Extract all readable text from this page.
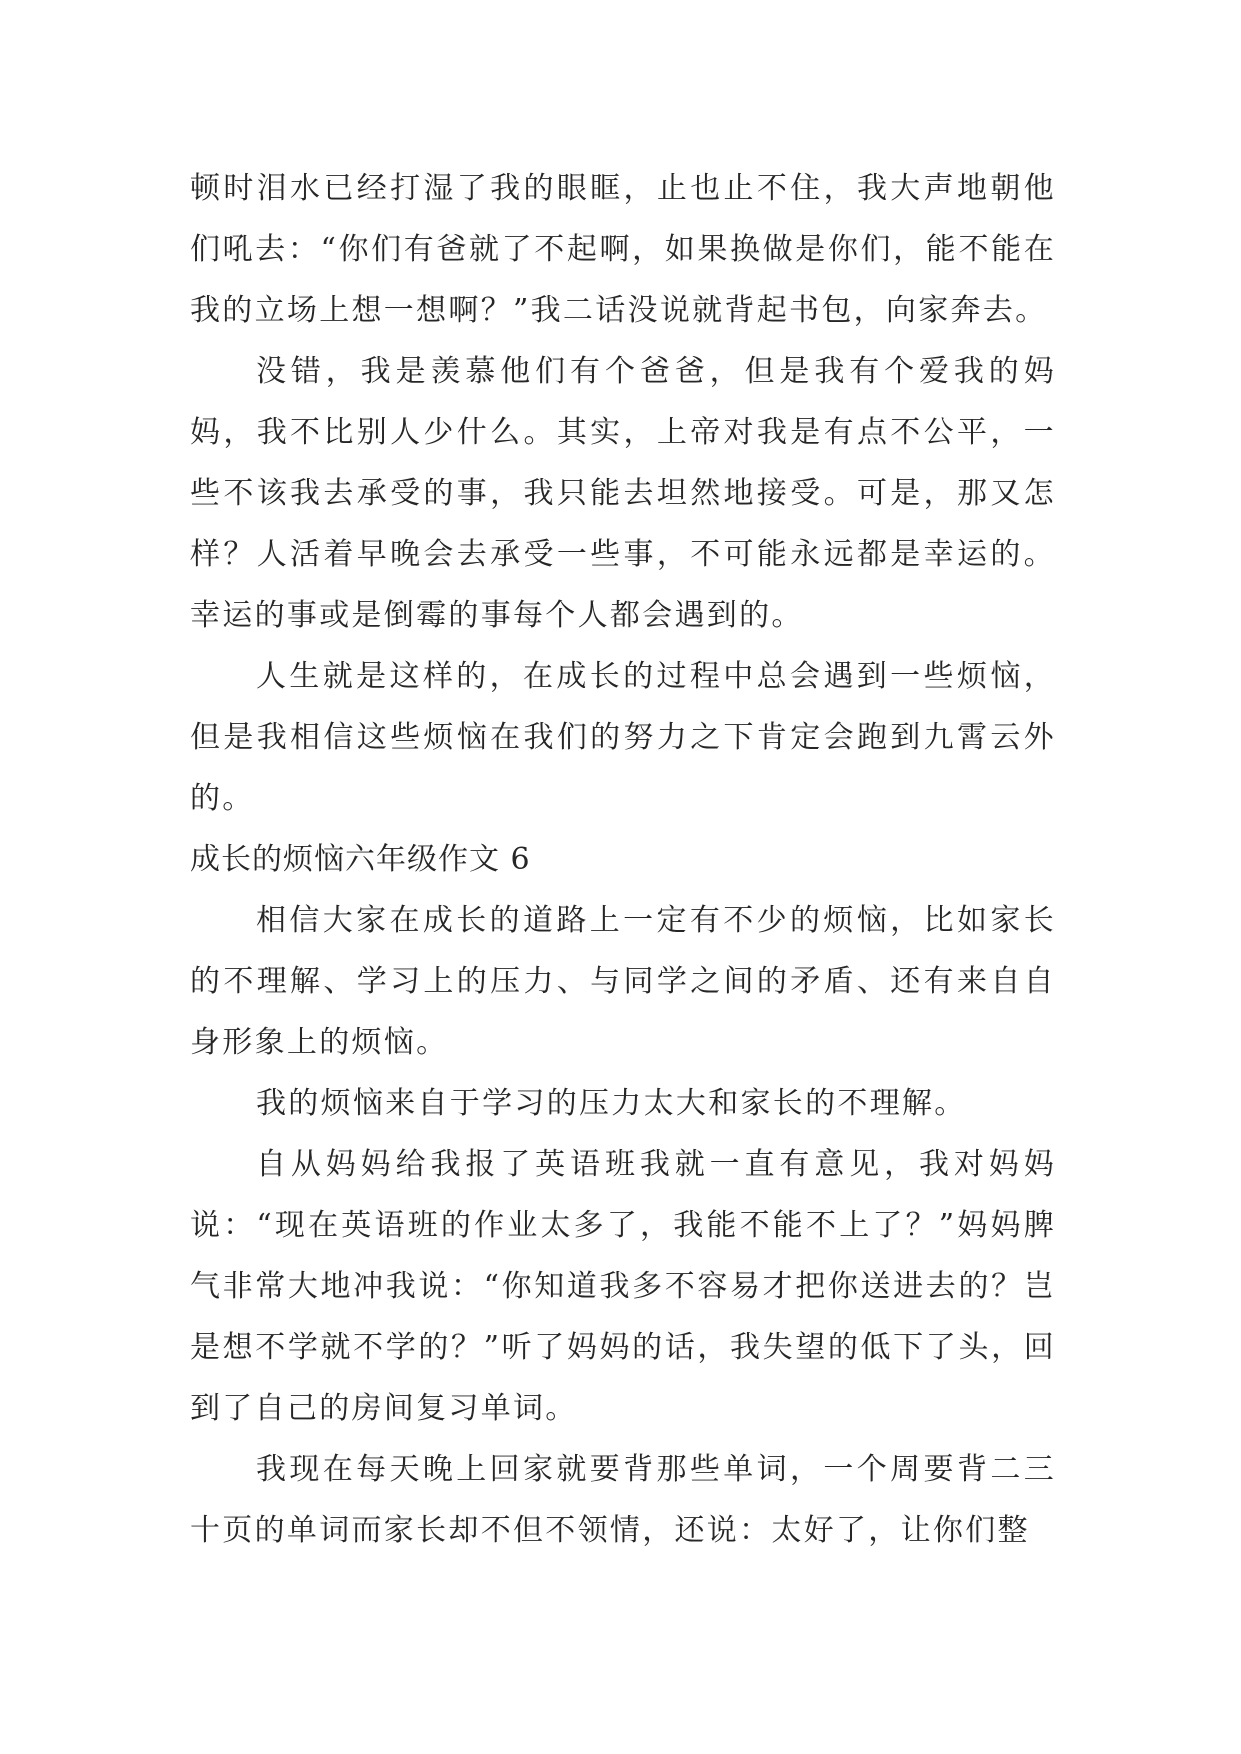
顿时泪水已经打湿了我的眼眶，止也止不住，我大声地朝他们吼去：“你们有爸就了不起啊，如果换做是你们，能不能在我的立场上想一想啊？”我二话没说就背起书包，向家奔去。

没错，我是羡慕他们有个爸爸，但是我有个爱我的妈妈，我不比别人少什么。其实，上帝对我是有点不公平，一些不该我去承受的事，我只能去坦然地接受。可是，那又怎样？人活着早晚会去承受一些事，不可能永远都是幸运的。幸运的事或是倒霉的事每个人都会遇到的。

人生就是这样的，在成长的过程中总会遇到一些烦恼，但是我相信这些烦恼在我们的努力之下肯定会跑到九霄云外的。

成长的烦恼六年级作文 6

相信大家在成长的道路上一定有不少的烦恼，比如家长的不理解、学习上的压力、与同学之间的矛盾、还有来自自身形象上的烦恼。

我的烦恼来自于学习的压力太大和家长的不理解。

自从妈妈给我报了英语班我就一直有意见，我对妈妈说：“现在英语班的作业太多了，我能不能不上了？”妈妈脾气非常大地冲我说：“你知道我多不容易才把你送进去的？岂是想不学就不学的？”听了妈妈的话，我失望的低下了头，回到了自己的房间复习单词。

我现在每天晚上回家就要背那些单词，一个周要背二三十页的单词而家长却不但不领情，还说：太好了，让你们整
